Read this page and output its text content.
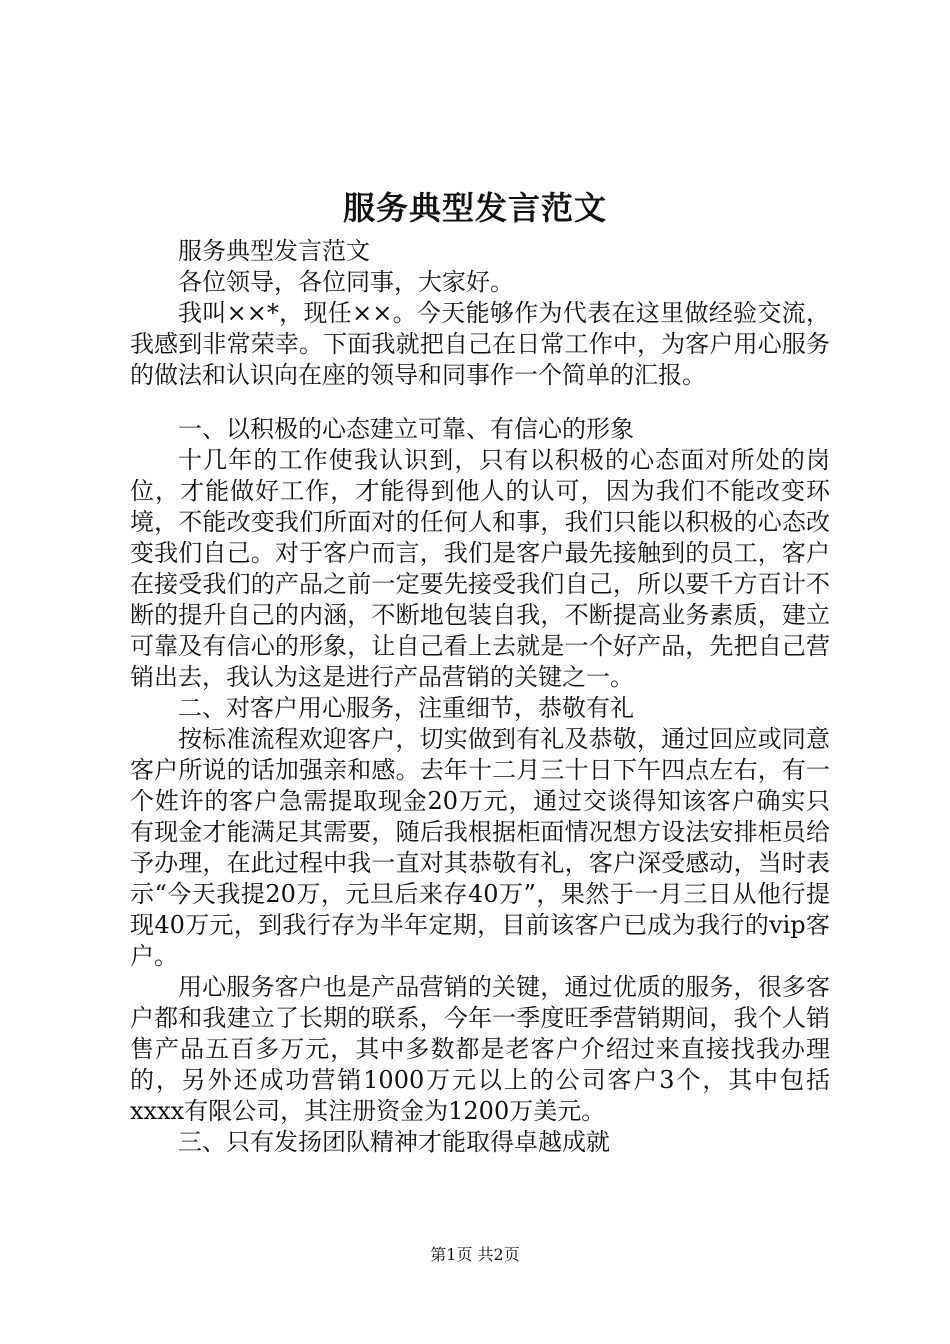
服务典型发言范文

服务典型发言范文

各位领导，各位同事，大家好。

我叫××*，现任××。今天能够作为代表在这里做经验交流，我感到非常荣幸。下面我就把自己在日常工作中，为客户用心服务的做法和认识向在座的领导和同事作一个简单的汇报。

一、以积极的心态建立可靠、有信心的形象

十几年的工作使我认识到，只有以积极的心态面对所处的岗位，才能做好工作，才能得到他人的认可，因为我们不能改变环境，不能改变我们所面对的任何人和事，我们只能以积极的心态改变我们自己。对于客户而言，我们是客户最先接触到的员工，客户在接受我们的产品之前一定要先接受我们自己，所以要千方百计不断的提升自己的内涵，不断地包装自我，不断提高业务素质，建立可靠及有信心的形象，让自己看上去就是一个好产品，先把自己营销出去，我认为这是进行产品营销的关键之一。

二、对客户用心服务，注重细节，恭敬有礼

按标准流程欢迎客户，切实做到有礼及恭敬，通过回应或同意客户所说的话加强亲和感。去年十二月三十日下午四点左右，有一个姓许的客户急需提取现金20万元，通过交谈得知该客户确实只有现金才能满足其需要，随后我根据柜面情况想方设法安排柜员给予办理，在此过程中我一直对其恭敬有礼，客户深受感动，当时表示“今天我提20万，元旦后来存40万”，果然于一月三日从他行提现40万元，到我行存为半年定期，目前该客户已成为我行的vip客户。

用心服务客户也是产品营销的关键，通过优质的服务，很多客户都和我建立了长期的联系，今年一季度旺季营销期间，我个人销售产品五百多万元，其中多数都是老客户介绍过来直接找我办理的，另外还成功营销1000万元以上的公司客户3个，其中包括xxxx有限公司，其注册资金为1200万美元。

三、只有发扬团队精神才能取得卓越成就

第1页 共2页
